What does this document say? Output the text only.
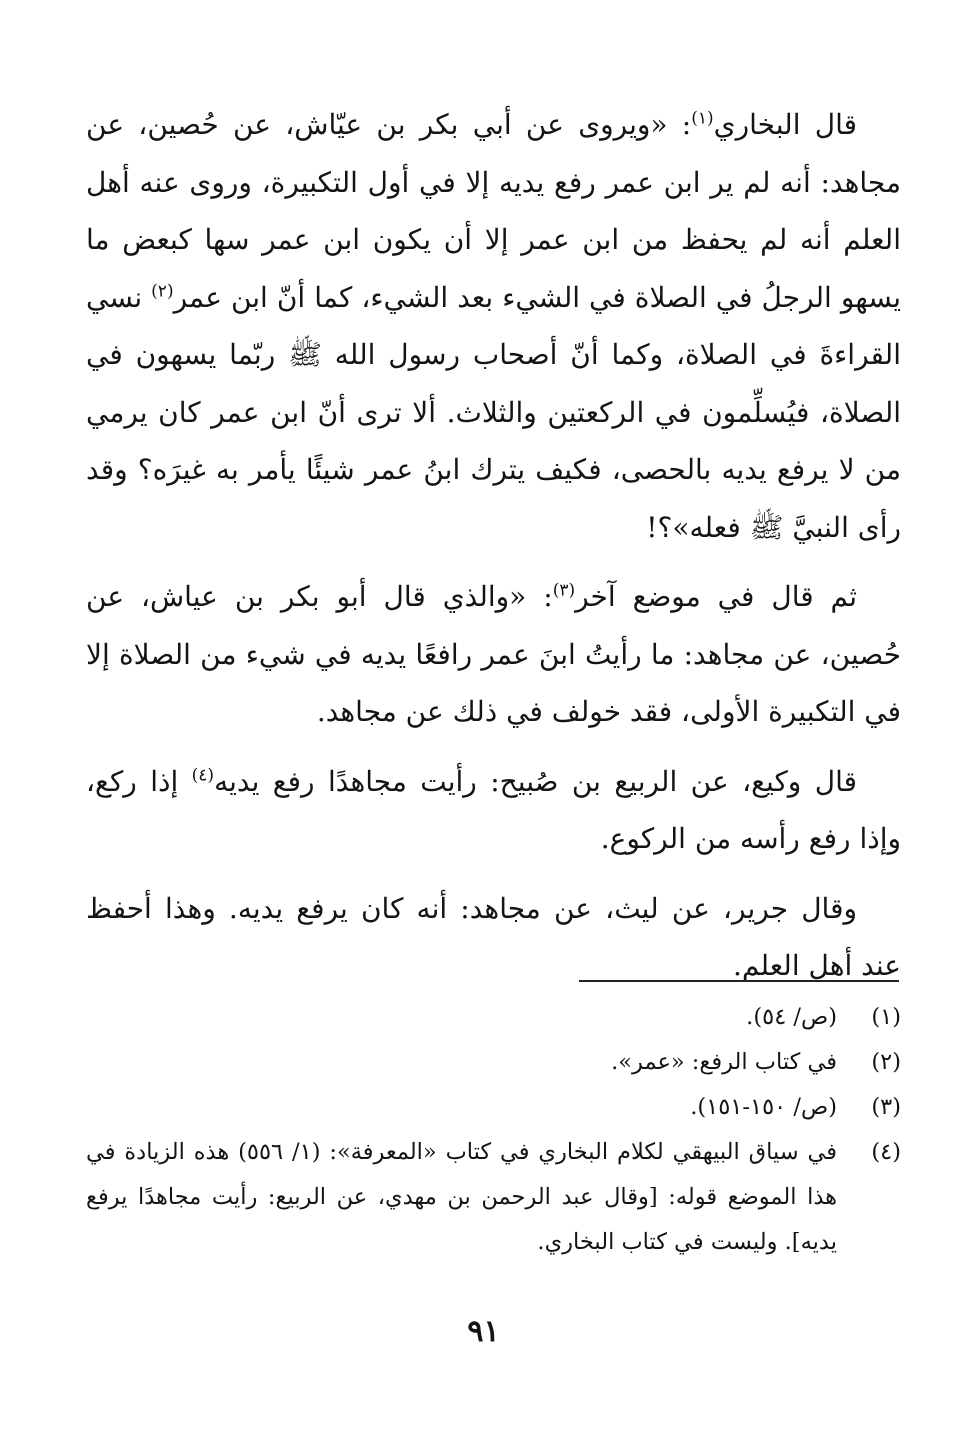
قال البخاري$^{(١)}$: «ويروى عن أبي بكر بن عيّاش، عن حُصين، عن مجاهد: أنه لم ير ابن عمر رفع يديه إلا في أول التكبيرة، وروى عنه أهل العلم أنه لم يحفظ من ابن عمر إلا أن يكون ابن عمر سها كبعض ما يسهو الرجلُ في الصلاة في الشيء بعد الشيء، كما أنّ ابن عمر$^{(٢)}$ نسي القراءةَ في الصلاة، وكما أنّ أصحاب رسول الله ﷺ ربّما يسهون في الصلاة، فيُسلِّمون في الركعتين والثلاث. ألا ترى أنّ ابن عمر كان يرمي من لا يرفع يديه بالحصى، فكيف يترك ابنُ عمر شيئًا يأمر به غيرَه؟ وقد رأى النبيَّ ﷺ فعله»؟!

ثم قال في موضع آخر$^{(٣)}$: «والذي قال أبو بكر بن عياش، عن حُصين، عن مجاهد: ما رأيتُ ابنَ عمر رافعًا يديه في شيء من الصلاة إلا في التكبيرة الأولى، فقد خولف في ذلك عن مجاهد.

قال وكيع، عن الربيع بن صُبيح: رأيت مجاهدًا رفع يديه$^{(٤)}$ إذا ركع، وإذا رفع رأسه من الركوع.

وقال جرير، عن ليث، عن مجاهد: أنه كان يرفع يديه. وهذا أحفظ عند أهل العلم.

(١)
(ص/ ٥٤).
(٢)
في كتاب الرفع: «عمر».
(٣)
(ص/ ١٥٠-١٥١).
(٤)
في سياق البيهقي لكلام البخاري في كتاب «المعرفة»: (١/ ٥٥٦) هذه الزيادة في هذا الموضع قوله: [وقال عبد الرحمن بن مهدي، عن الربيع: رأيت مجاهدًا يرفع يديه]. وليست في كتاب البخاري.
٩١
